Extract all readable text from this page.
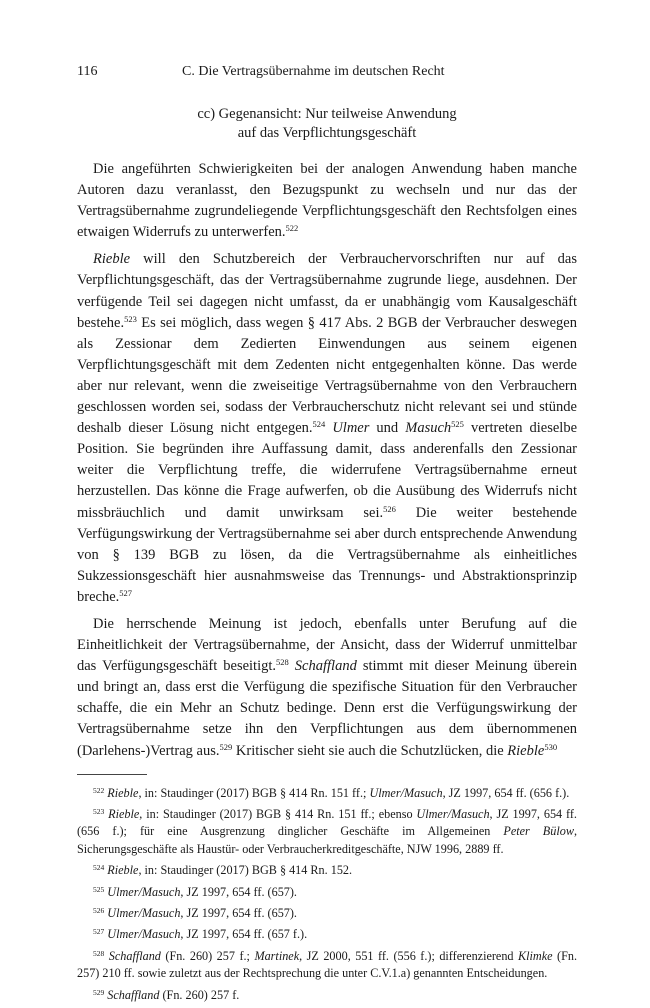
116	C. Die Vertragsübernahme im deutschen Recht
cc) Gegenansicht: Nur teilweise Anwendung
auf das Verpflichtungsgeschäft

Die angeführten Schwierigkeiten bei der analogen Anwendung haben manche Autoren dazu veranlasst, den Bezugspunkt zu wechseln und nur das der Vertragsübernahme zugrundeliegende Verpflichtungsgeschäft den Rechtsfolgen eines etwaigen Widerrufs zu unterwerfen.$^{522}$

Rieble will den Schutzbereich der Verbrauchervorschriften nur auf das Verpflichtungsgeschäft, das der Vertragsübernahme zugrunde liege, ausdehnen. Der verfügende Teil sei dagegen nicht umfasst, da er unabhängig vom Kausalgeschäft bestehe.$^{523}$ Es sei möglich, dass wegen § 417 Abs. 2 BGB der Verbraucher deswegen als Zessionar dem Zedierten Einwendungen aus seinem eigenen Verpflichtungsgeschäft mit dem Zedenten nicht entgegenhalten könne. Das werde aber nur relevant, wenn die zweiseitige Vertragsübernahme von den Verbrauchern geschlossen worden sei, sodass der Verbraucherschutz nicht relevant sei und stünde deshalb dieser Lösung nicht entgegen.$^{524}$ Ulmer und Masuch$^{525}$ vertreten dieselbe Position. Sie begründen ihre Auffassung damit, dass anderenfalls den Zessionar weiter die Verpflichtung treffe, die widerrufene Vertragsübernahme erneut herzustellen. Das könne die Frage aufwerfen, ob die Ausübung des Widerrufs nicht missbräuchlich und damit unwirksam sei.$^{526}$ Die weiter bestehende Verfügungswirkung der Vertragsübernahme sei aber durch entsprechende Anwendung von § 139 BGB zu lösen, da die Vertragsübernahme als einheitliches Sukzessionsgeschäft hier ausnahmsweise das Trennungs- und Abstraktionsprinzip breche.$^{527}$

Die herrschende Meinung ist jedoch, ebenfalls unter Berufung auf die Einheitlichkeit der Vertragsübernahme, der Ansicht, dass der Widerruf unmittelbar das Verfügungsgeschäft beseitigt.$^{528}$ Schaffland stimmt mit dieser Meinung überein und bringt an, dass erst die Verfügung die spezifische Situation für den Verbraucher schaffe, die ein Mehr an Schutz bedinge. Denn erst die Verfügungswirkung der Vertragsübernahme setze ihn den Verpflichtungen aus dem übernommenen (Darlehens-)Vertrag aus.$^{529}$ Kritischer sieht sie auch die Schutzlücken, die Rieble$^{530}$

$^{522}$ Rieble, in: Staudinger (2017) BGB § 414 Rn. 151 ff.; Ulmer/Masuch, JZ 1997, 654 ff. (656 f.).

$^{523}$ Rieble, in: Staudinger (2017) BGB § 414 Rn. 151 ff.; ebenso Ulmer/Masuch, JZ 1997, 654 ff. (656 f.); für eine Ausgrenzung dinglicher Geschäfte im Allgemeinen Peter Bülow, Sicherungsgeschäfte als Haustür- oder Verbraucherkreditgeschäfte, NJW 1996, 2889 ff.

$^{524}$ Rieble, in: Staudinger (2017) BGB § 414 Rn. 152.

$^{525}$ Ulmer/Masuch, JZ 1997, 654 ff. (657).

$^{526}$ Ulmer/Masuch, JZ 1997, 654 ff. (657).

$^{527}$ Ulmer/Masuch, JZ 1997, 654 ff. (657 f.).

$^{528}$ Schaffland (Fn. 260) 257 f.; Martinek, JZ 2000, 551 ff. (556 f.); differenzierend Klimke (Fn. 257) 210 ff. sowie zuletzt aus der Rechtsprechung die unter C.V.1.a) genannten Entscheidungen.

$^{529}$ Schaffland (Fn. 260) 257 f.
